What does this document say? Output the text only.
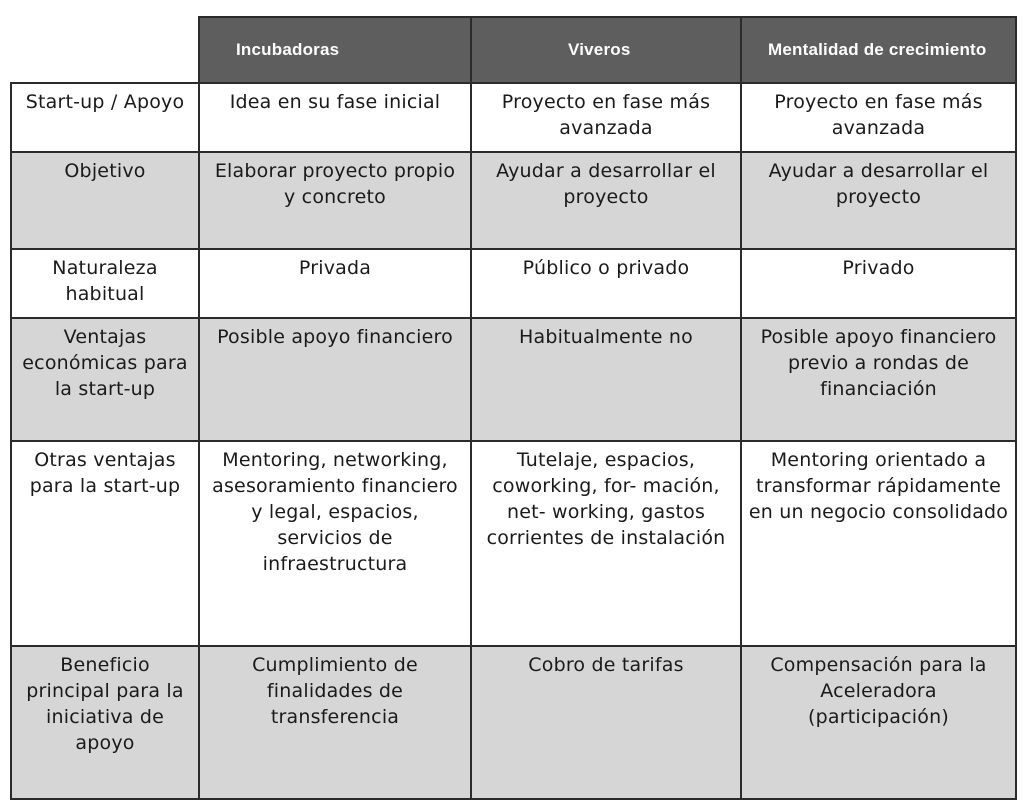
	Incubadoras	Viveros	Mentalidad de crecimiento
Start-up / Apoyo	Idea en su fase inicial	Proyecto en fase más avanzada	Proyecto en fase más avanzada
Objetivo	Elaborar proyecto propio y concreto	Ayudar a desarrollar el proyecto	Ayudar a desarrollar el proyecto
Naturaleza habitual	Privada	Público o privado	Privado
Ventajas económicas para la start-up	Posible apoyo financiero	Habitualmente no	Posible apoyo financiero previo a rondas de financiación
Otras ventajas para la start-up	Mentoring, networking, asesoramiento financiero y legal, espacios, servicios de infraestructura	Tutelaje, espacios, coworking, for- mación, net- working, gastos corrientes de instalación	Mentoring orientado a transformar rápidamente en un negocio consolidado
Beneficio principal para la iniciativa de apoyo	Cumplimiento de finalidades de transferencia	Cobro de tarifas	Compensación para la Aceleradora (participación)
